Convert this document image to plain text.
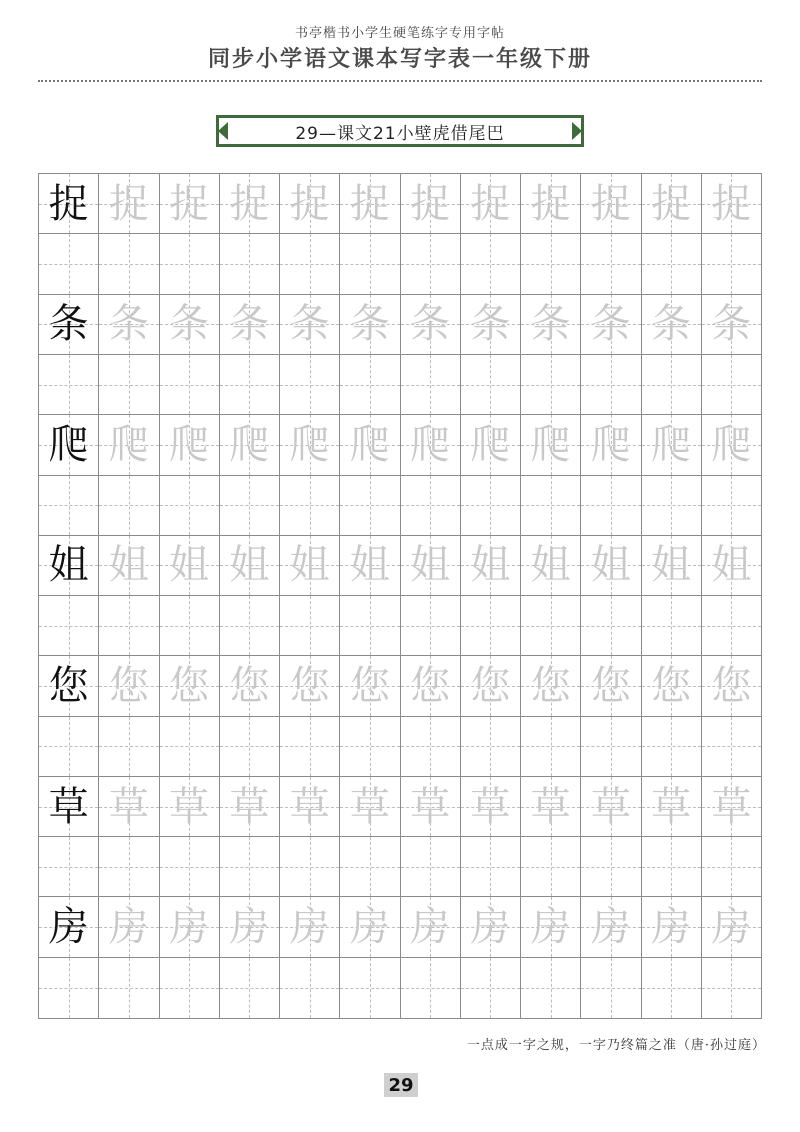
书亭楷书小学生硬笔练字专用字帖
同步小学语文课本写字表一年级下册
29—课文21小壁虎借尾巴
捉 捉 捉 捉 捉 捉 捉 捉 捉 捉 捉 捉
条 条 条 条 条 条 条 条 条 条 条 条
爬 爬 爬 爬 爬 爬 爬 爬 爬 爬 爬 爬
姐 姐 姐 姐 姐 姐 姐 姐 姐 姐 姐 姐
您 您 您 您 您 您 您 您 您 您 您 您
草 草 草 草 草 草 草 草 草 草 草 草
房 房 房 房 房 房 房 房 房 房 房 房
一点成一字之规，一字乃终篇之准（唐·孙过庭）
29
